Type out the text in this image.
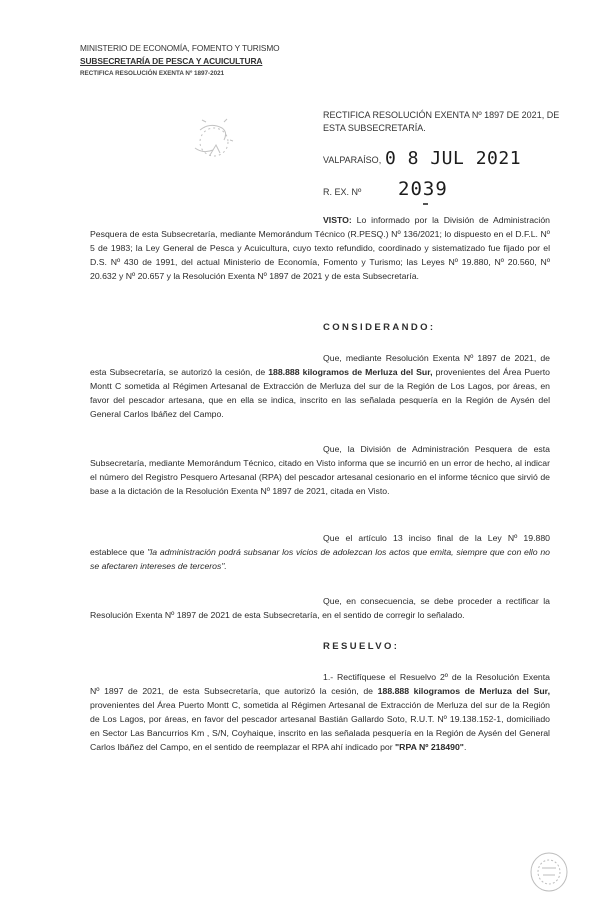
MINISTERIO DE ECONOMÍA, FOMENTO Y TURISMO
SUBSECRETARÍA DE PESCA Y ACUICULTURA
RECTIFICA RESOLUCIÓN EXENTA Nº 1897-2021
RECTIFICA RESOLUCIÓN EXENTA Nº 1897 DE 2021, DE ESTA SUBSECRETARÍA.
VALPARAÍSO, 0 8 JUL 2021
R. EX. Nº 2039
VISTO: Lo informado por la División de Administración Pesquera de esta Subsecretaría, mediante Memorándum Técnico (R.PESQ.) Nº 136/2021; lo dispuesto en el D.F.L. Nº 5 de 1983; la Ley General de Pesca y Acuicultura, cuyo texto refundido, coordinado y sistematizado fue fijado por el D.S. Nº 430 de 1991, del actual Ministerio de Economía, Fomento y Turismo; las Leyes Nº 19.880, Nº 20.560, Nº 20.632 y Nº 20.657 y la Resolución Exenta Nº 1897 de 2021 y de esta Subsecretaría.
CONSIDERANDO:
Que, mediante Resolución Exenta Nº 1897 de 2021, de esta Subsecretaría, se autorizó la cesión, de 188.888 kilogramos de Merluza del Sur, provenientes del Área Puerto Montt C sometida al Régimen Artesanal de Extracción de Merluza del sur de la Región de Los Lagos, por áreas, en favor del pescador artesana, que en ella se indica, inscrito en las señalada pesquería en la Región de Aysén del General Carlos Ibáñez del Campo.
Que, la División de Administración Pesquera de esta Subsecretaría, mediante Memorándum Técnico, citado en Visto informa que se incurrió en un error de hecho, al indicar el número del Registro Pesquero Artesanal (RPA) del pescador artesanal cesionario en el informe técnico que sirvió de base a la dictación de la Resolución Exenta Nº 1897 de 2021, citada en Visto.
Que el artículo 13 inciso final de la Ley Nº 19.880 establece que "la administración podrá subsanar los vicios de adolezcan los actos que emita, siempre que con ello no se afectaren intereses de terceros".
Que, en consecuencia, se debe proceder a rectificar la Resolución Exenta Nº 1897 de 2021 de esta Subsecretaría, en el sentido de corregir lo señalado.
RESUELVO:
1.- Rectifíquese el Resuelvo 2º de la Resolución Exenta Nº 1897 de 2021, de esta Subsecretaría, que autorizó la cesión, de 188.888 kilogramos de Merluza del Sur, provenientes del Área Puerto Montt C, sometida al Régimen Artesanal de Extracción de Merluza del sur de la Región de Los Lagos, por áreas, en favor del pescador artesanal Bastián Gallardo Soto, R.U.T. Nº 19.138.152-1, domiciliado en Sector Las Bancurrios Km , S/N, Coyhaique, inscrito en las señalada pesquería en la Región de Aysén del General Carlos Ibáñez del Campo, en el sentido de reemplazar el RPA ahí indicado por "RPA Nº 218490".
